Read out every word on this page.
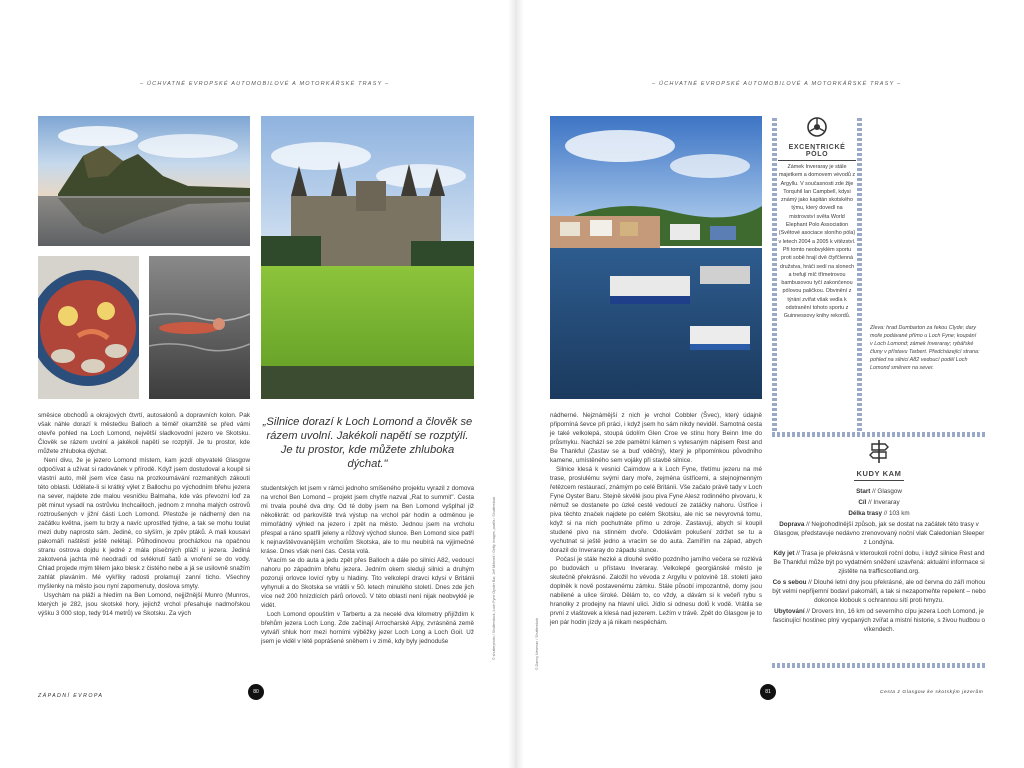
– ÚCHVATNÉ EVROPSKÉ AUTOMOBILOVÉ A MOTORKÁŘSKÉ TRASY –	– ÚCHVATNÉ EVROPSKÉ AUTOMOBILOVÉ A MOTORKÁŘSKÉ TRASY –

směsice obchodů a okrajových čtvrtí, autosalonů a dopravních kolon. Pak však náhle dorazí k městečku Balloch a téměř okamžitě se před vámi otevře pohled na Loch Lomond, největší sladkovodní jezero ve Skotsku. Člověk se rázem uvolní a jakékoli napětí se rozptýlí. Je tu prostor, kde můžete zhluboka dýchat.

Není divu, že je jezero Lomond místem, kam jezdí obyvatelé Glasgow odpočívat a užívat si radovánek v přírodě. Když jsem dostudoval a koupil si vlastní auto, měl jsem více času na prozkoumávání rozmanitých zákoutí této oblasti. Udělate-li si krátký výlet z Ballochu po východním břehu jezera na sever, najdete zde malou vesničku Balmaha, kde vás převozní loď za pět minut vysadí na ostrůvku Inchcailloch, jednom z mnoha malých ostrovů roztroušených v jižní části Loch Lomond. Přestože je nádherný den na začátku května, jsem tu brzy a navíc uprostřed týdne, a tak se mohu toulat mezi duby naprosto sám. Jediné, co slyším, je zpěv ptáků. A mali kousavi pakomáři naštěstí ještě nelétají. Půlhodinovou procházkou na opačnou stranu ostrova dojdu k jedné z mála písečných pláží u jezera. Jediná zakotvená jachta mě neodradí od svléknutí šatů a vnoření se do vody. Chlad projede mým tělem jako blesk z čistého nebe a já se usilovně snažím zahlát plaváním. Mé vykříky radosti prolamují zanní ticho. Všechny myšlenky na město jsou nyní zapomenuty, doslova smyty.

Usychám na pláži a hledím na Ben Lomond, nejjižnější Munro (Munros, kterých je 282, jsou skotské hory, jejichž vrchol přesahuje nadmořskou výšku 3 000 stop, tedy 914 metrů) ve Skotsku. Za vých

„Silnice dorazí k Loch Lomond a člověk se rázem uvolní. Jakékoli napětí se rozptýlí. Je tu prostor, kde můžete zhluboka dýchat."

studentských let jsem v rámci jednoho smíšeného projektu vyrazil z domova na vrchol Ben Lomond – projekt jsem chytře nazval „Rat to summit". Cesta mi trvala pouhé dva dny. Od té doby jsem na Ben Lomond vyšplhal již několikrát: od parkoviště trvá výstup na vrchol pár hodin a odměnou je mimořádný výhled na jezero i zpět na město. Jednou jsem na vrcholu přespal a ráno spatřil jeleny a růžový východ slunce. Ben Lomond sice patří k nejnavštěvovanějším vrcholům Skotska, ale to mu neubírá na výjimečné kráse. Dnes však není čas. Cesta volá.

Vracím se do auta a jedu zpět přes Balloch a dále po silnici A82, vedoucí nahoru po západním břehu jezera. Jedním okem sleduji silnici a druhým pozoruji orlovce lovící ryby u hladiny. Tito velkolepí dravci kdysi v Británii vyhynuli a do Skotska se vrátili v 50. letech minulého století. Dnes zde jich více než 200 hnízdících párů orlovců. V této oblasti není nijak neobvyklé je vidět.

Loch Lomond opouštím v Tarbertu a za necelé dva kilometry přijíždím k břehům jezera Loch Long. Zde začínají Arrocharské Alpy, zvrásněná země vytváří shluk horr mezi horními výběžky jezer Loch Long a Loch Goil. Už jsem je viděl v létě poprášené sněhem i v zimě, kdy byly jednoduše	© shutterphoto / Shutterstock, Loch Fyne Oyster Bar, Jeff Mitchell / Getty Images, pcaffa / Shutterstock	© Danny Newman / Shutterstock
ZÁPADNÍ EVROPA
80	81	Cesta z Glasgow ke skotským jezerům

nádherné. Nejznámější z nich je vrchol Cobbler (Švec), který údajně připomíná ševce při práci, i když jsem ho sám nikdy neviděl. Samotná cesta je také velkolepá, stoupá údolím Glen Croe ve stínu hory Beinn Ime do průsmyku. Nachází se zde pamětní kámen s vytesaným nápisem Rest and Be Thankful (Zastav se a buď vděčný), který je připomínkou původního kamene, umístěného sem vojáky při stavbě silnice.

Silnice klesá k vesnici Cairndow a k Loch Fyne, třetímu jezeru na mé trase, proslulému svými dary moře, zejména ústřicemi, a stejnojmenným řetězcem restaurací, známým po celé Británii. Vše začalo právě tady v Loch Fyne Oyster Baru. Stejně skvělé jsou piva Fyne Alesz rodinného pivovaru, k němuž se dostanete po úzké cestě vedoucí ze zatáčky nahoru. Ústřice i piva těchto značek najdete po celém Skotsku, ale nic se nevyrovná tomu, když si na nich pochutnáte přímo u zdroje. Zastavuji, abych si koupil studené pivo na stinném dvoře. Odolávám pokušení zdržet se tu a vychutnat si ještě jedno a vracím se do auta. Zamířím na západ, abych dorazil do Inveraray do západu slunce.

Počasí je stále hezké a dlouhé světlo pozdního jarního večera se rozlévá po budovách u přístavu Inveraray. Velkolepé georgiánské město je skutečně překrásné. Založil ho vévoda z Argyllu v polovině 18. století jako doplněk k nově postavenému zámku. Stále působí impozantně, domy jsou nabílené a ulice široké. Dělám to, co vždy, a dávám si k večeři rybu s hranolky z prodejny na hlavní ulici. Jídlo si odnesu dolů k vodě. Vrátila se první z vlaštovek a klesá nad jezerem. Ležím v trávě. Zpět do Glasgow je to jen pár hodin jízdy a já nikam nespěchám.

EXCENTRICKÉ PÓLO
Zámek Inveraray je stále majetkem a domovem vévodů z Argyllu. V současnosti zde žije Torquhil Ian Campbell, kdysi známý jako kapitán skotského týmu, který dovedl na mistrovství světa World Elephant Polo Association (Světové asociace sloního póla) v letech 2004 a 2005 k vítězství. Při tomto neobvyklém sportu proti sobě hrají dvě čtyřčlenná družstva, hráči sedí na slonech a trefují míč třímetrovou bambusovou tyčí zakončenou pólovou paličkou. Obvinění z týrání zvířat však vedla k odstranění tohoto sportu z Guinnessovy knihy rekordů.
Zleva: hrad Dumbarton za řekou Clyde; dary moře podávané přímo u Loch Fyne; koupání v Loch Lomond; zámek Inveraray; rybářské čluny v přístavu Tarbert. Předcházející strana: pohled na silnici A82 vedoucí podél Loch Lomond směrem na sever.
KUDY KAM

Start // Glasgow

Cíl // Inveraray

Délka trasy // 103 km

Doprava // Nejpohodlnější způsob, jak se dostat na začátek této trasy v Glasgow, představuje nedávno zrenovovaný noční vlak Caledonian Sleeper z Londýna.

Kdy jet // Trasa je překrásná v kteroukoli roční dobu, i když silnice Rest and Be Thankful může být po vydatném sněžení uzavřená: aktuální informace si zjistěte na trafficscotland.org.

Co s sebou // Dlouhé letní dny jsou překrásné, ale od června do září mohou být velmi nepříjemní bodaví pakomáři, a tak si nezapomeňte repelent – nebo dokonce klobouk s ochrannou sítí proti hmyzu.

Ubytování // Drovers Inn, 16 km od severního cípu jezera Loch Lomond, je fascinující hostinec plný vycpaných zvířat a mistní historie, s živou hudbou o víkendech.
